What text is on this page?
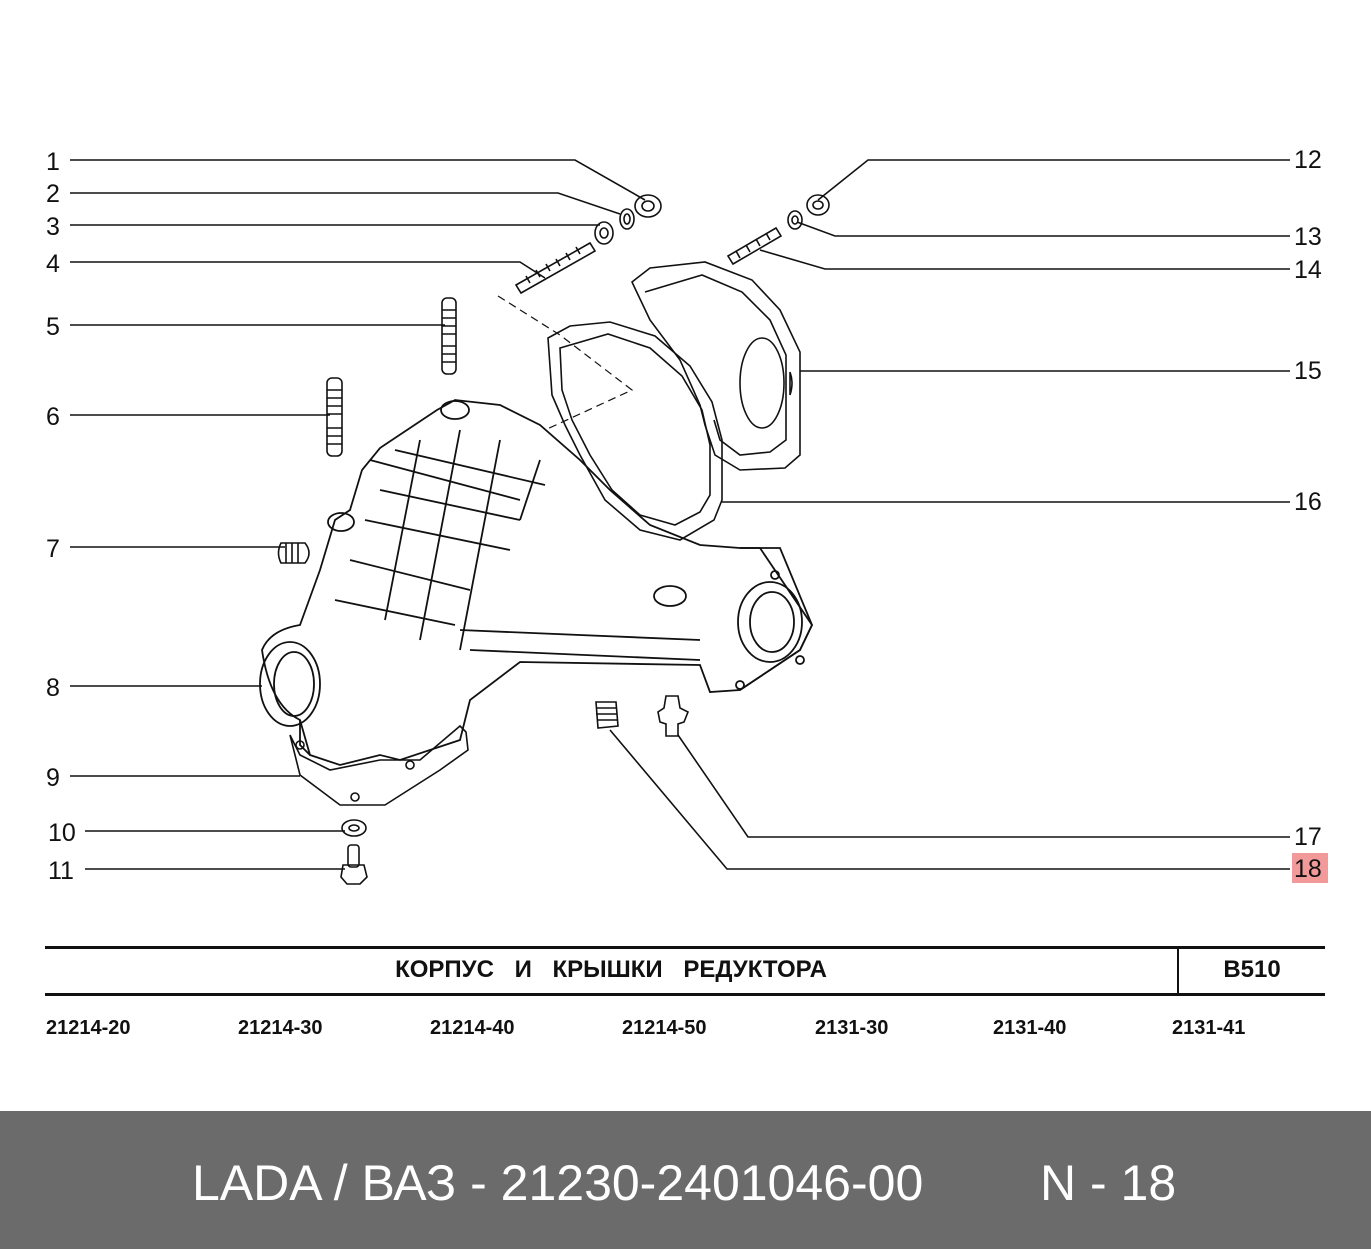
1
2
3
4
5
6
7
8
9
10
11
12
13
14
15
16
17
18
КОРПУС И КРЫШКИ РЕДУКТОРА	B510
21214-20	21214-30	21214-40	21214-50	2131-30	2131-40	2131-41
LADA / ВАЗ - 21230-2401046-00 N - 18
